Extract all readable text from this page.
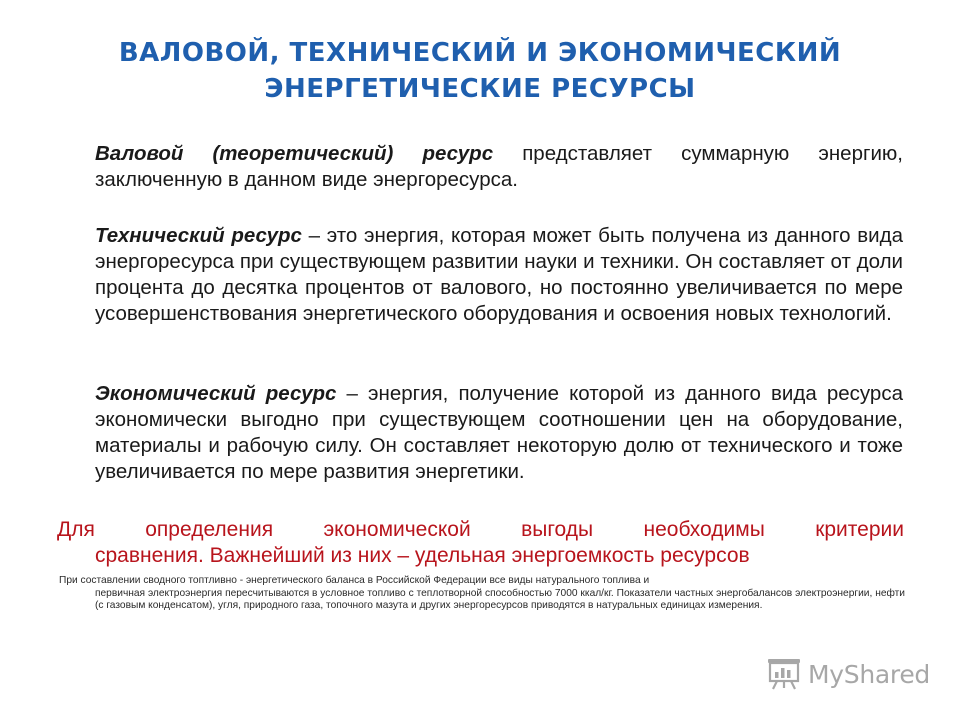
ВАЛОВОЙ, ТЕХНИЧЕСКИЙ И ЭКОНОМИЧЕСКИЙ
ЭНЕРГЕТИЧЕСКИЕ РЕСУРСЫ
Валовой (теоретический) ресурс представляет суммарную энергию, заключенную в данном виде энергоресурса.
Технический ресурс – это энергия, которая может быть получена из данного вида энергоресурса при существующем развитии науки и техники. Он составляет от доли процента до десятка процентов от валового, но постоянно увеличивается по мере усовершенствования энергетического оборудования и освоения новых технологий.
Экономический ресурс – энергия, получение которой из данного вида ресурса экономически выгодно при существующем соотношении цен на оборудование, материалы и рабочую силу. Он составляет некоторую долю от технического и тоже увеличивается по мере развития энергетики.
Для определения экономической выгоды необходимы критерии
сравнения. Важнейший из них – удельная энергоемкость ресурсов
При составлении сводного топтливно - энергетического баланса в Российской Федерации все виды натурального топлива и
первичная электроэнергия пересчитываются в условное топливо с теплотворной способностью 7000 ккал/кг. Показатели частных энергобалансов электроэнергии, нефти (с газовым конденсатом), угля, природного газа, топочного мазута и других энергоресурсов приводятся в натуральных единицах измерения.
MyShared
